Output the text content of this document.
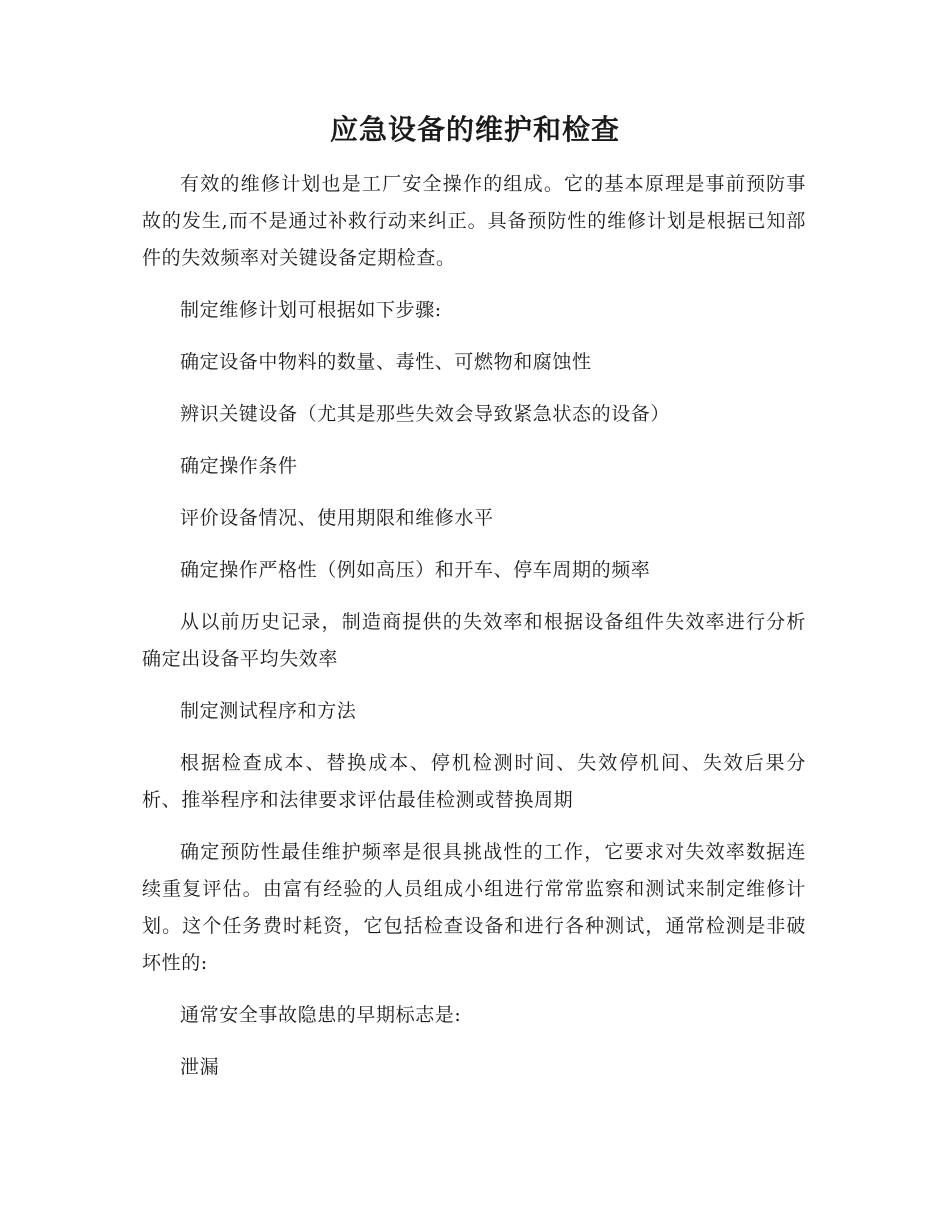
应急设备的维护和检查

有效的维修计划也是工厂安全操作的组成。它的基本原理是事前预防事故的发生,而不是通过补救行动来纠正。具备预防性的维修计划是根据已知部件的失效频率对关键设备定期检查。

制定维修计划可根据如下步骤:

确定设备中物料的数量、毒性、可燃物和腐蚀性

辨识关键设备（尤其是那些失效会导致紧急状态的设备）

确定操作条件

评价设备情况、使用期限和维修水平

确定操作严格性（例如高压）和开车、停车周期的频率

从以前历史记录，制造商提供的失效率和根据设备组件失效率进行分析确定出设备平均失效率

制定测试程序和方法

根据检查成本、替换成本、停机检测时间、失效停机间、失效后果分析、推举程序和法律要求评估最佳检测或替换周期

确定预防性最佳维护频率是很具挑战性的工作，它要求对失效率数据连续重复评估。由富有经验的人员组成小组进行常常监察和测试来制定维修计划。这个任务费时耗资，它包括检查设备和进行各种测试，通常检测是非破坏性的:

通常安全事故隐患的早期标志是:

泄漏
